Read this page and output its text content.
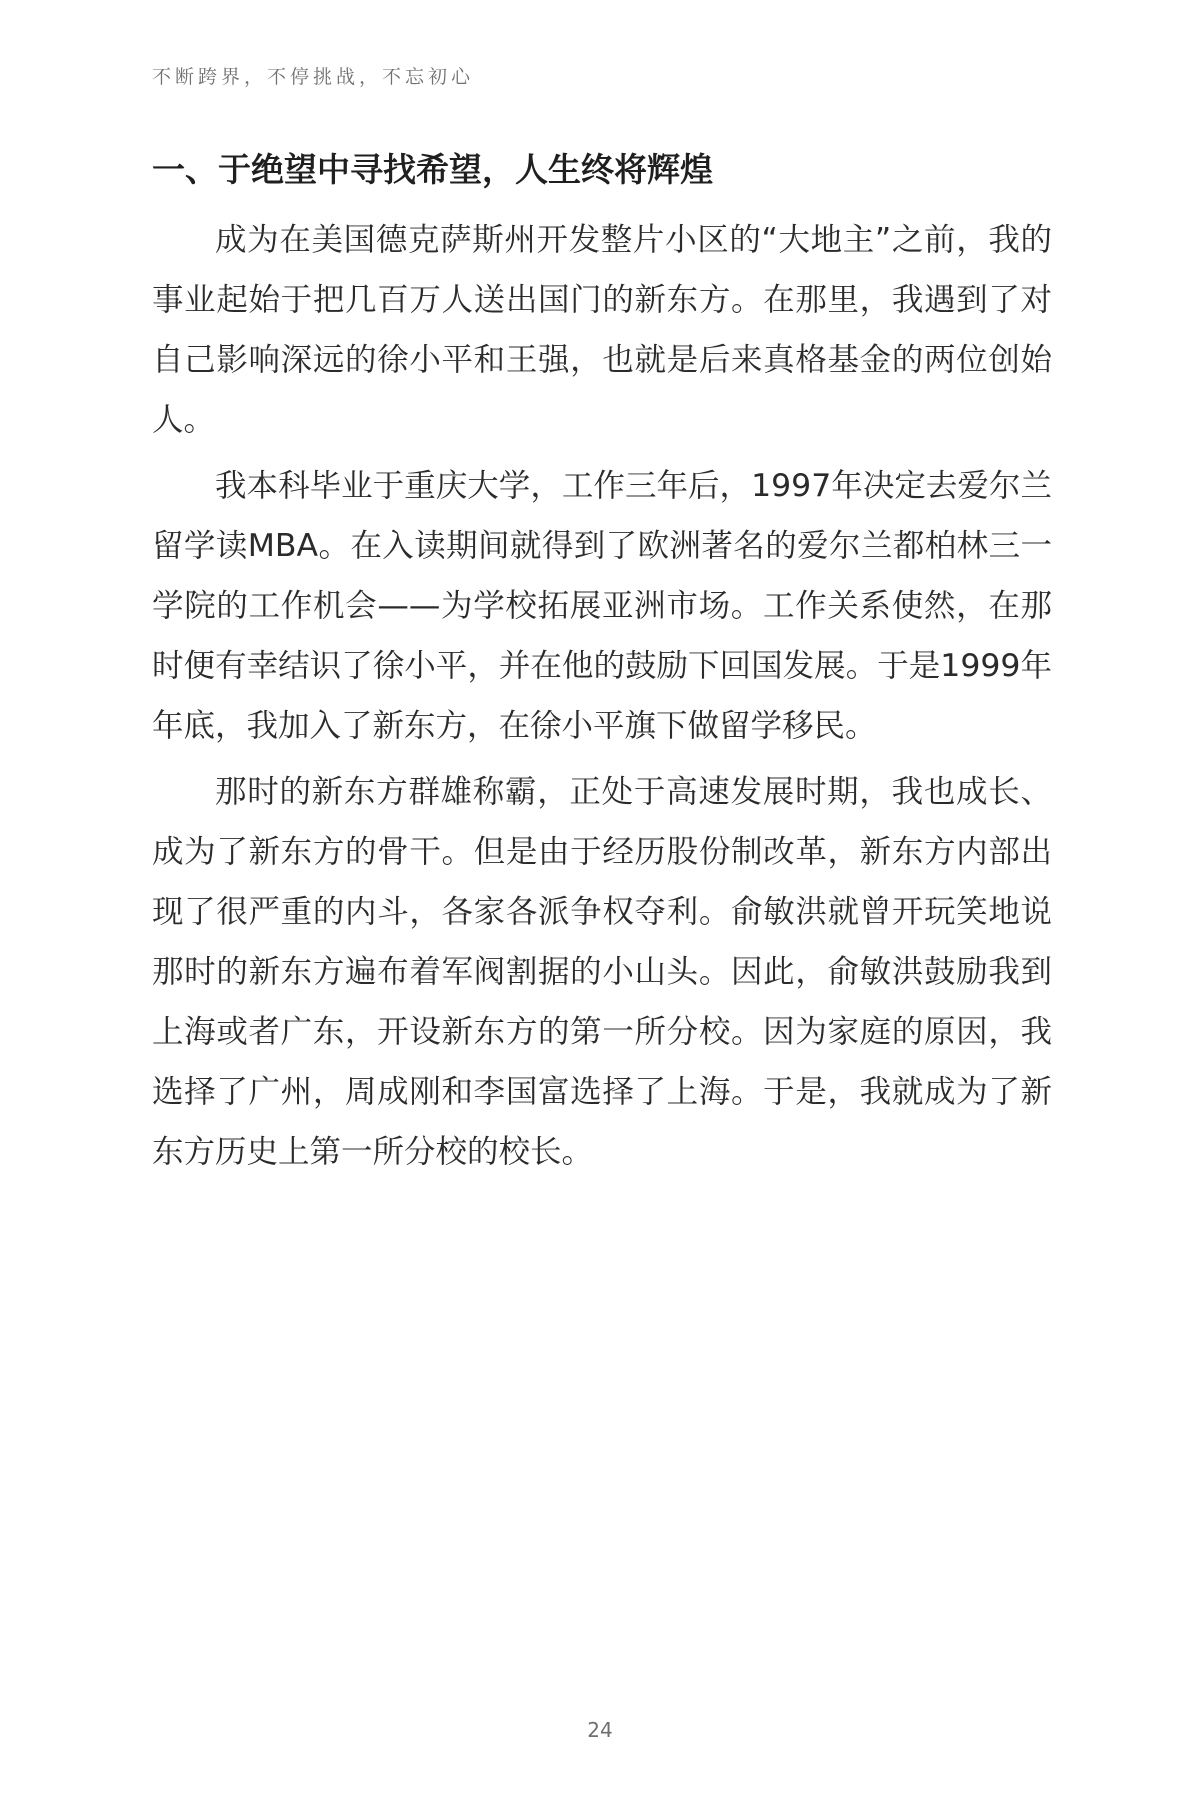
不断跨界，不停挑战，不忘初心
一、于绝望中寻找希望，人生终将辉煌

成为在美国德克萨斯州开发整片小区的“大地主”之前，我的事业起始于把几百万人送出国门的新东方。在那里，我遇到了对自己影响深远的徐小平和王强，也就是后来真格基金的两位创始人。

我本科毕业于重庆大学，工作三年后，1997年决定去爱尔兰留学读MBA。在入读期间就得到了欧洲著名的爱尔兰都柏林三一学院的工作机会——为学校拓展亚洲市场。工作关系使然，在那时便有幸结识了徐小平，并在他的鼓励下回国发展。于是1999年年底，我加入了新东方，在徐小平旗下做留学移民。

那时的新东方群雄称霸，正处于高速发展时期，我也成长、成为了新东方的骨干。但是由于经历股份制改革，新东方内部出现了很严重的内斗，各家各派争权夺利。俞敏洪就曾开玩笑地说那时的新东方遍布着军阀割据的小山头。因此，俞敏洪鼓励我到上海或者广东，开设新东方的第一所分校。因为家庭的原因，我选择了广州，周成刚和李国富选择了上海。于是，我就成为了新东方历史上第一所分校的校长。

24
